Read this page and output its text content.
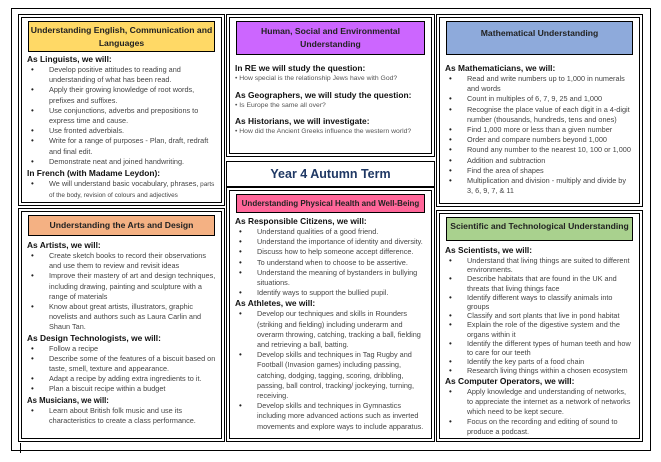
Understanding English, Communication and Languages
As Linguists, we will:
• Develop positive attitudes to reading and understanding of what has been read.
• Apply their growing knowledge of root words, prefixes and suffixes.
• Use conjunctions, adverbs and prepositions to express time and cause.
• Use fronted adverbials.
• Write for a range of purposes - Plan, draft, redraft and final edit.
• Demonstrate neat and joined handwriting.
In French (with Madame Leydon):
• We will understand basic vocabulary, phrases, parts of the body, revision of colours and adjectives
Human, Social and Environmental Understanding
In RE we will study the question:
• How special is the relationship Jews have with God?
As Geographers, we will study the question:
• Is Europe the same all over?
As Historians, we will investigate:
• How did the Ancient Greeks influence the western world?
Year 4 Autumn Term
Understanding Physical Health and Well-Being
As Responsible Citizens, we will:
• Understand qualities of a good friend.
• Understand the importance of identity and diversity.
• Discuss how to help someone accept difference.
• To understand when to choose to be assertive.
• Understand the meaning of bystanders in bullying situations.
• Identify ways to support the bullied pupil.
As Athletes, we will:
• Develop our techniques and skills in Rounders (striking and fielding) including underarm and overarm throwing, catching, tracking a ball, fielding and retrieving a ball, batting.
• Develop skills and techniques in Tag Rugby and Football (Invasion games) including passing, catching, dodging, tagging, scoring, dribbling, passing, ball control, tracking/ jockeying, turning, receiving.
• Develop skills and techniques in Gymnastics including more advanced actions such as inverted movements and explore ways to include apparatus.
Mathematical Understanding
As Mathematicians, we will:
• Read and write numbers up to 1,000 in numerals and words
• Count in multiples of 6, 7, 9, 25 and 1,000
• Recognise the place value of each digit in a 4-digit number (thousands, hundreds, tens and ones)
• Find 1,000 more or less than a given number
• Order and compare numbers beyond 1,000
• Round any number to the nearest 10, 100 or 1,000
• Addition and subtraction
• Find the area of shapes
• Multiplication and division - multiply and divide by 3, 6, 9, 7, & 11
Understanding the Arts and Design
As Artists, we will:
• Create sketch books to record their observations and use them to review and revisit ideas
• Improve their mastery of art and design techniques, including drawing, painting and sculpture with a range of materials
• Know about great artists, illustrators, graphic novelists and authors such as Laura Carlin and Shaun Tan.
As Design Technologists, we will:
• Follow a recipe
• Describe some of the features of a biscuit based on taste, smell, texture and appearance.
• Adapt a recipe by adding extra ingredients to it.
• Plan a biscuit recipe within a budget
As Musicians, we will:
• Learn about British folk music and use its characteristics to create a class performance.
Scientific and Technological Understanding
As Scientists, we will:
• Understand that living things are suited to different environments.
• Describe habitats that are found in the UK and threats that living things face
• Identify different ways to classify animals into groups
• Classify and sort plants that live in pond habitat
• Explain the role of the digestive system and the organs within it
• Identify the different types of human teeth and how to care for our teeth
• Identify the key parts of a food chain
• Research living things within a chosen ecosystem
As Computer Operators, we will:
• Apply knowledge and understanding of networks, to appreciate the internet as a network of networks which need to be kept secure.
• Focus on the recording and editing of sound to produce a podcast.
